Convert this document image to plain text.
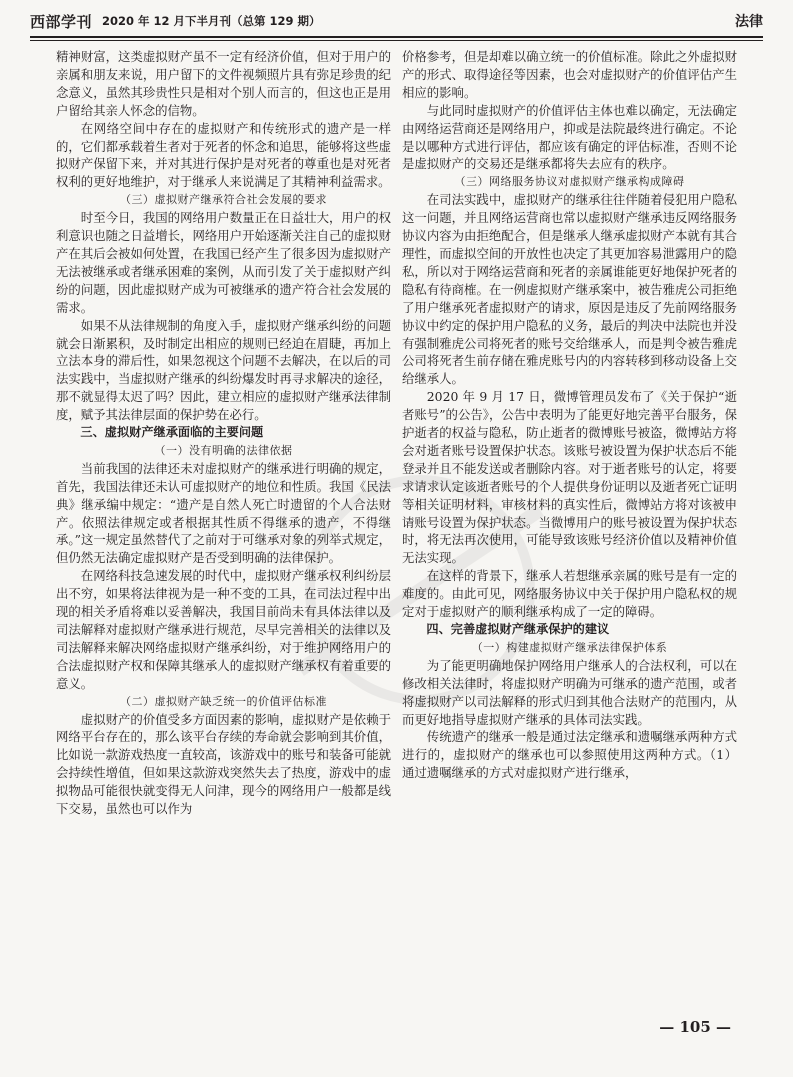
西部学刊 2020 年 12 月下半月刊（总第 129 期）	法律

精神财富，这类虚拟财产虽不一定有经济价值，但对于用户的亲属和朋友来说，用户留下的文件视频照片具有弥足珍贵的纪念意义，虽然其珍贵性只是相对个别人而言的，但这也正是用户留给其亲人怀念的信物。

在网络空间中存在的虚拟财产和传统形式的遗产是一样的，它们都承载着生者对于死者的怀念和追思，能够将这些虚拟财产保留下来，并对其进行保护是对死者的尊重也是对死者权利的更好地维护，对于继承人来说满足了其精神利益需求。

（三）虚拟财产继承符合社会发展的要求

时至今日，我国的网络用户数量正在日益壮大，用户的权利意识也随之日益增长，网络用户开始逐渐关注自己的虚拟财产在其后会被如何处置，在我国已经产生了很多因为虚拟财产无法被继承或者继承困难的案例，从而引发了关于虚拟财产纠纷的问题，因此虚拟财产成为可被继承的遗产符合社会发展的需求。

如果不从法律规制的角度入手，虚拟财产继承纠纷的问题就会日渐累积，及时制定出相应的规则已经迫在眉睫，再加上立法本身的滞后性，如果忽视这个问题不去解决，在以后的司法实践中，当虚拟财产继承的纠纷爆发时再寻求解决的途径，那不就显得太迟了吗？因此，建立相应的虚拟财产继承法律制度，赋予其法律层面的保护势在必行。

三、虚拟财产继承面临的主要问题

（一）没有明确的法律依据

当前我国的法律还未对虚拟财产的继承进行明确的规定，首先，我国法律还未认可虚拟财产的地位和性质。我国《民法典》继承编中规定：“遗产是自然人死亡时遗留的个人合法财产。依照法律规定或者根据其性质不得继承的遗产，不得继承。”这一规定虽然替代了之前对于可继承对象的列举式规定，但仍然无法确定虚拟财产是否受到明确的法律保护。

在网络科技急速发展的时代中，虚拟财产继承权利纠纷层出不穷，如果将法律视为是一种不变的工具，在司法过程中出现的相关矛盾将难以妥善解决，我国目前尚未有具体法律以及司法解释对虚拟财产继承进行规范，尽早完善相关的法律以及司法解释来解决网络虚拟财产继承纠纷，对于维护网络用户的合法虚拟财产权和保障其继承人的虚拟财产继承权有着重要的意义。

（二）虚拟财产缺乏统一的价值评估标准

虚拟财产的价值受多方面因素的影响，虚拟财产是依赖于网络平台存在的，那么该平台存续的寿命就会影响到其价值，比如说一款游戏热度一直较高，该游戏中的账号和装备可能就会持续性增值，但如果这款游戏突然失去了热度，游戏中的虚拟物品可能很快就变得无人问津，现今的网络用户一般都是线下交易，虽然也可以作为

价格参考，但是却难以确立统一的价值标准。除此之外虚拟财产的形式、取得途径等因素，也会对虚拟财产的价值评估产生相应的影响。

与此同时虚拟财产的价值评估主体也难以确定，无法确定由网络运营商还是网络用户，抑或是法院最终进行确定。不论是以哪种方式进行评估，都应该有确定的评估标准，否则不论是虚拟财产的交易还是继承都将失去应有的秩序。

（三）网络服务协议对虚拟财产继承构成障碍

在司法实践中，虚拟财产的继承往往伴随着侵犯用户隐私这一问题，并且网络运营商也常以虚拟财产继承违反网络服务协议内容为由拒绝配合，但是继承人继承虚拟财产本就有其合理性，而虚拟空间的开放性也决定了其更加容易泄露用户的隐私，所以对于网络运营商和死者的亲属谁能更好地保护死者的隐私有待商榷。在一例虚拟财产继承案中，被告雅虎公司拒绝了用户继承死者虚拟财产的请求，原因是违反了先前网络服务协议中约定的保护用户隐私的义务，最后的判决中法院也并没有强制雅虎公司将死者的账号交给继承人，而是判令被告雅虎公司将死者生前存储在雅虎账号内的内容转移到移动设备上交给继承人。

2020 年 9 月 17 日，微博管理员发布了《关于保护“逝者账号”的公告》，公告中表明为了能更好地完善平台服务，保护逝者的权益与隐私，防止逝者的微博账号被盗，微博站方将会对逝者账号设置保护状态。该账号被设置为保护状态后不能登录并且不能发送或者删除内容。对于逝者账号的认定，将要求请求认定该逝者账号的个人提供身份证明以及逝者死亡证明等相关证明材料，审核材料的真实性后，微博站方将对该被申请账号设置为保护状态。当微博用户的账号被设置为保护状态时，将无法再次使用，可能导致该账号经济价值以及精神价值无法实现。

在这样的背景下，继承人若想继承亲属的账号是有一定的难度的。由此可见，网络服务协议中关于保护用户隐私权的规定对于虚拟财产的顺利继承构成了一定的障碍。

四、完善虚拟财产继承保护的建议

（一）构建虚拟财产继承法律保护体系

为了能更明确地保护网络用户继承人的合法权利，可以在修改相关法律时，将虚拟财产明确为可继承的遗产范围，或者将虚拟财产以司法解释的形式归到其他合法财产的范围内，从而更好地指导虚拟财产继承的具体司法实践。

传统遗产的继承一般是通过法定继承和遗嘱继承两种方式进行的，虚拟财产的继承也可以参照使用这两种方式。（1）通过遗嘱继承的方式对虚拟财产进行继承，

— 105 —
